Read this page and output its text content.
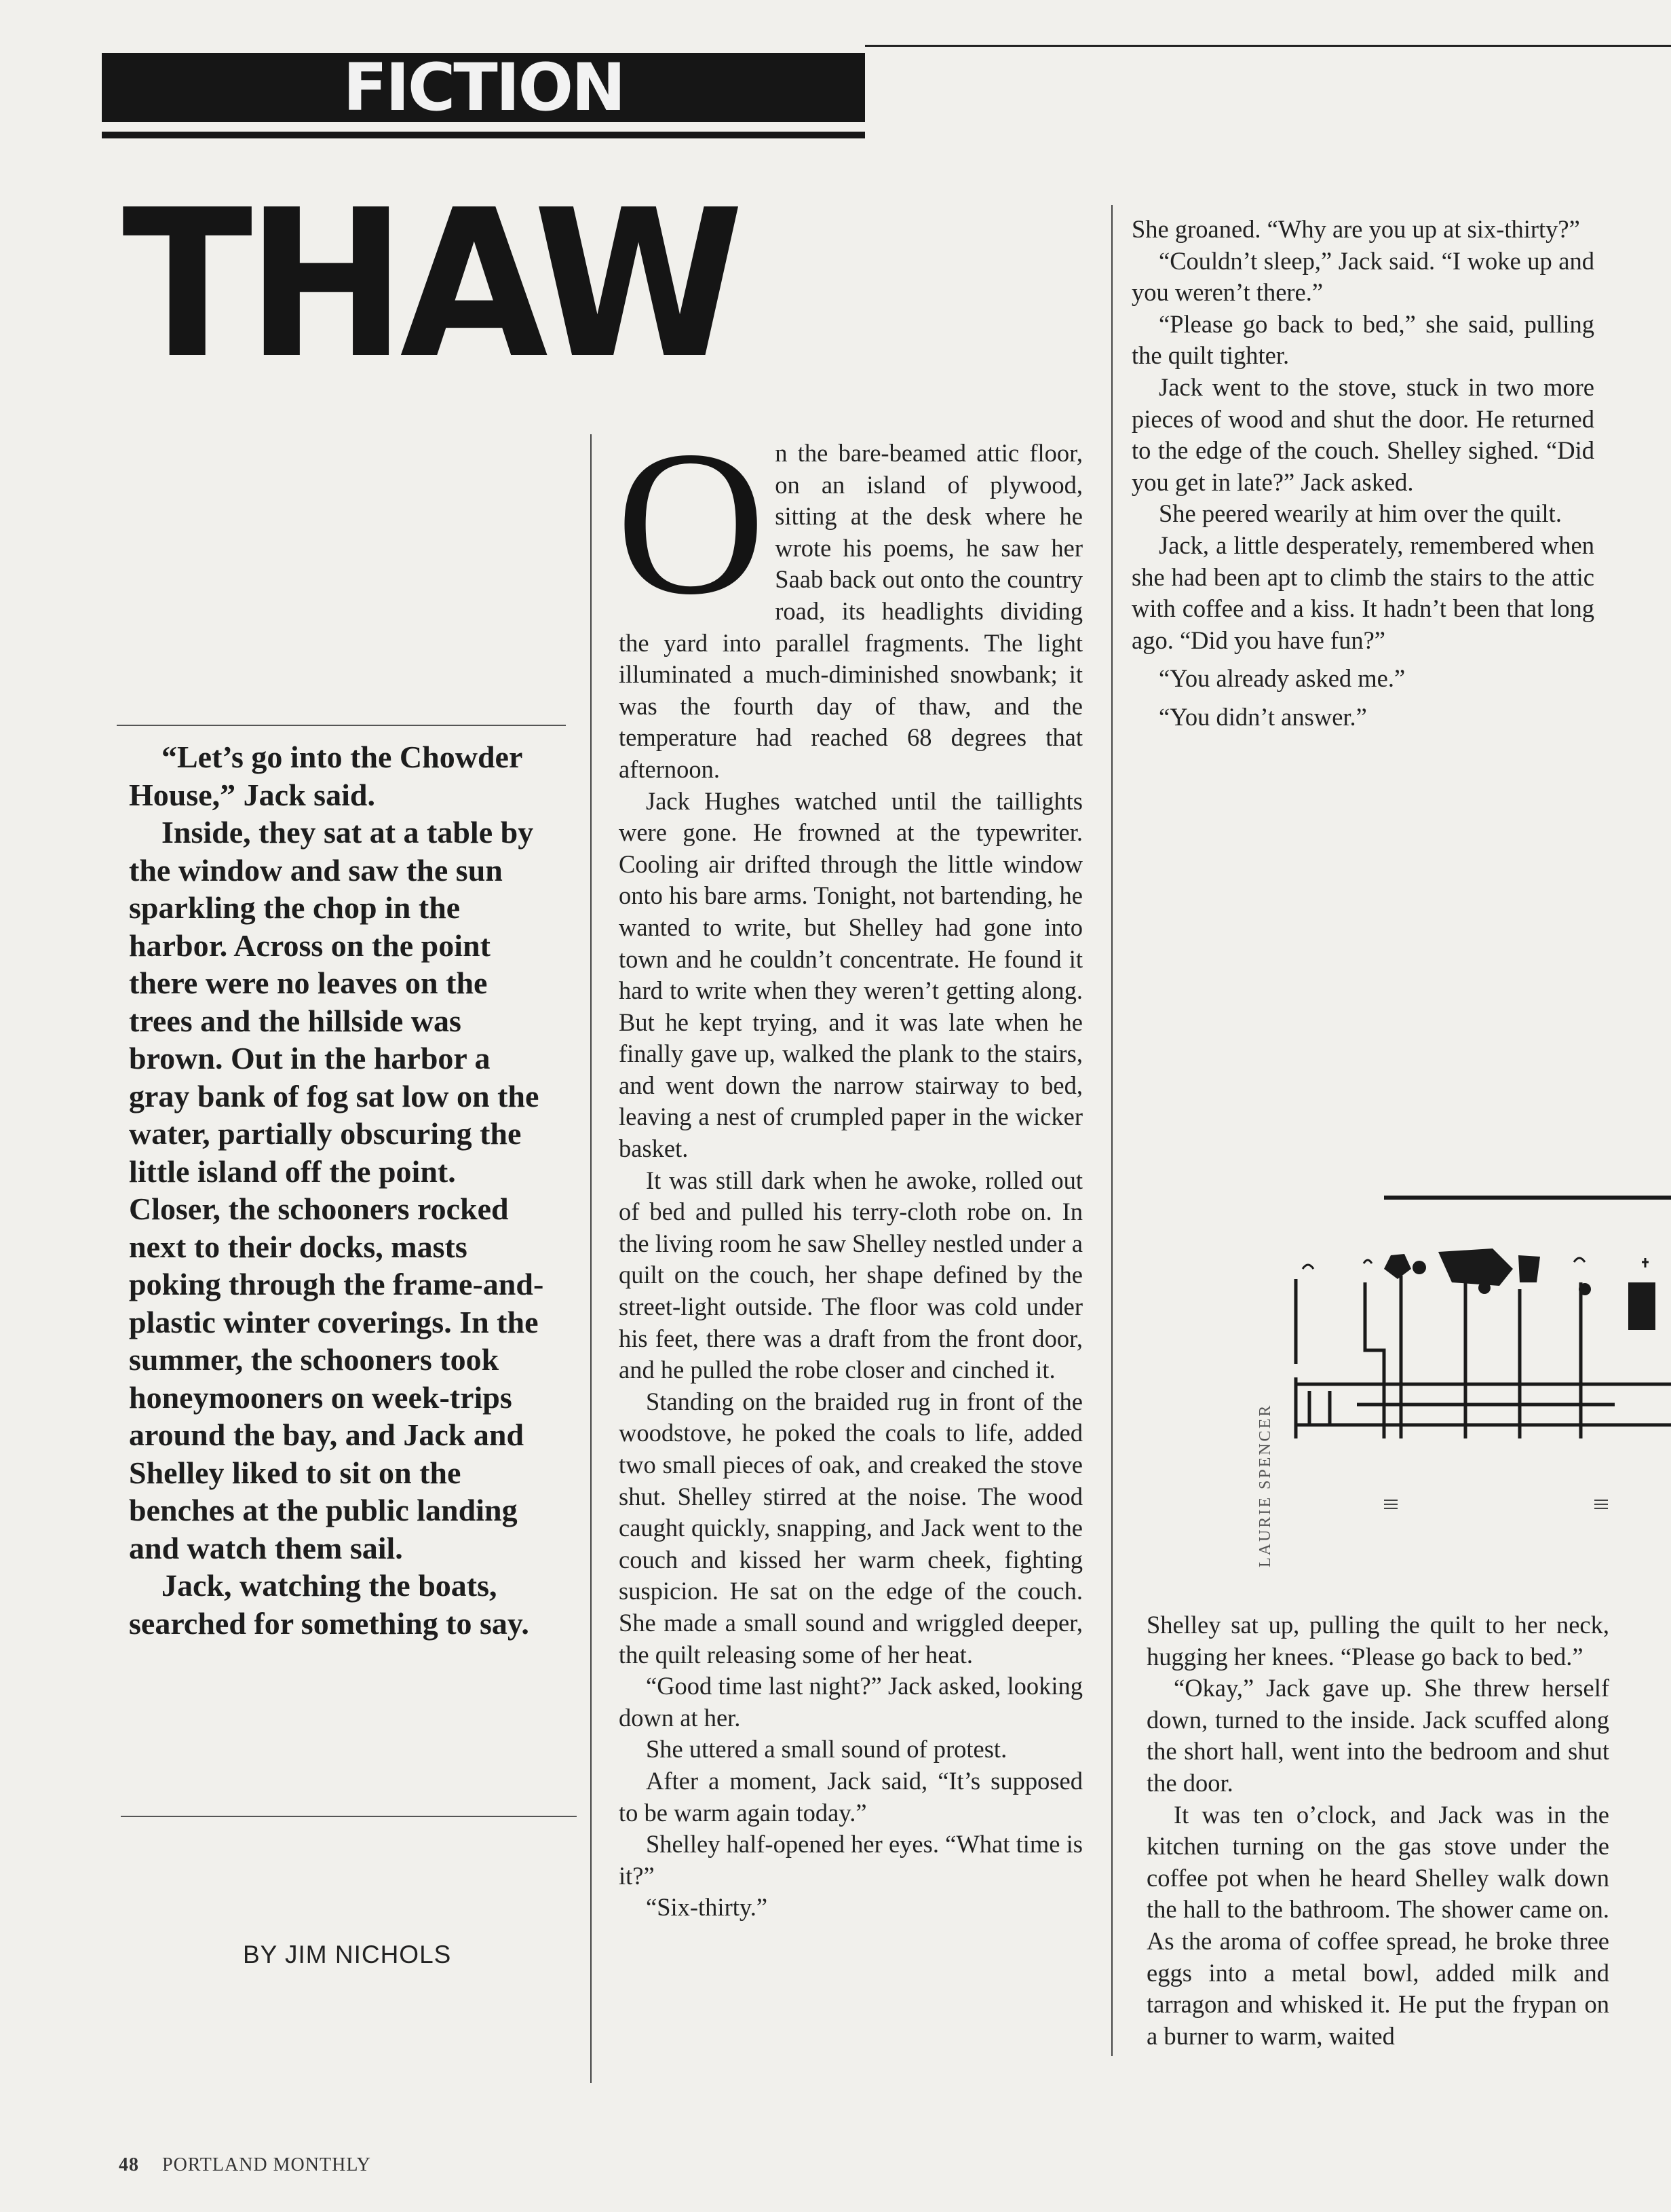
FICTION
THAW

“Let’s go into the Chowder House,” Jack said.

Inside, they sat at a table by the window and saw the sun sparkling the chop in the harbor. Across on the point there were no leaves on the trees and the hillside was brown. Out in the harbor a gray bank of fog sat low on the water, partially obscuring the little island off the point. Closer, the schooners rocked next to their docks, masts poking through the frame-and-plastic winter coverings. In the summer, the schooners took honeymooners on week-trips around the bay, and Jack and Shelley liked to sit on the benches at the public landing and watch them sail.

Jack, watching the boats, searched for something to say.

BY JIM NICHOLS
O n the bare-beamed attic floor, on an island of plywood, sitting at the desk where he wrote his poems, he saw her Saab back out onto the country road, its headlights dividing the yard into parallel fragments. The light illuminated a much-diminished snowbank; it was the fourth day of thaw, and the temperature had reached 68 degrees that afternoon.

Jack Hughes watched until the taillights were gone. He frowned at the typewriter. Cooling air drifted through the little window onto his bare arms. Tonight, not bartending, he wanted to write, but Shelley had gone into town and he couldn’t concentrate. He found it hard to write when they weren’t getting along. But he kept trying, and it was late when he finally gave up, walked the plank to the stairs, and went down the narrow stairway to bed, leaving a nest of crumpled paper in the wicker basket.

It was still dark when he awoke, rolled out of bed and pulled his terry-cloth robe on. In the living room he saw Shelley nestled under a quilt on the couch, her shape defined by the street-light outside. The floor was cold under his feet, there was a draft from the front door, and he pulled the robe closer and cinched it.

Standing on the braided rug in front of the woodstove, he poked the coals to life, added two small pieces of oak, and creaked the stove shut. Shelley stirred at the noise. The wood caught quickly, snapping, and Jack went to the couch and kissed her warm cheek, fighting suspicion. He sat on the edge of the couch. She made a small sound and wriggled deeper, the quilt releasing some of her heat.

“Good time last night?” Jack asked, looking down at her.

She uttered a small sound of protest.

After a moment, Jack said, “It’s supposed to be warm again today.”

Shelley half-opened her eyes. “What time is it?”

“Six-thirty.”

She groaned. “Why are you up at six-thirty?”

“Couldn’t sleep,” Jack said. “I woke up and you weren’t there.”

“Please go back to bed,” she said, pulling the quilt tighter.

Jack went to the stove, stuck in two more pieces of wood and shut the door. He returned to the edge of the couch. Shelley sighed. “Did you get in late?” Jack asked.

She peered wearily at him over the quilt.

Jack, a little desperately, remembered when she had been apt to climb the stairs to the attic with coffee and a kiss. It hadn’t been that long ago. “Did you have fun?”

“You already asked me.”

“You didn’t answer.”

LAURIE SPENCER

Shelley sat up, pulling the quilt to her neck, hugging her knees. “Please go back to bed.”

“Okay,” Jack gave up. She threw herself down, turned to the inside. Jack scuffed along the short hall, went into the bedroom and shut the door.

It was ten o’clock, and Jack was in the kitchen turning on the gas stove under the coffee pot when he heard Shelley walk down the hall to the bathroom. The shower came on. As the aroma of coffee spread, he broke three eggs into a metal bowl, added milk and tarragon and whisked it. He put the frypan on a burner to warm, waited

48 PORTLAND MONTHLY
